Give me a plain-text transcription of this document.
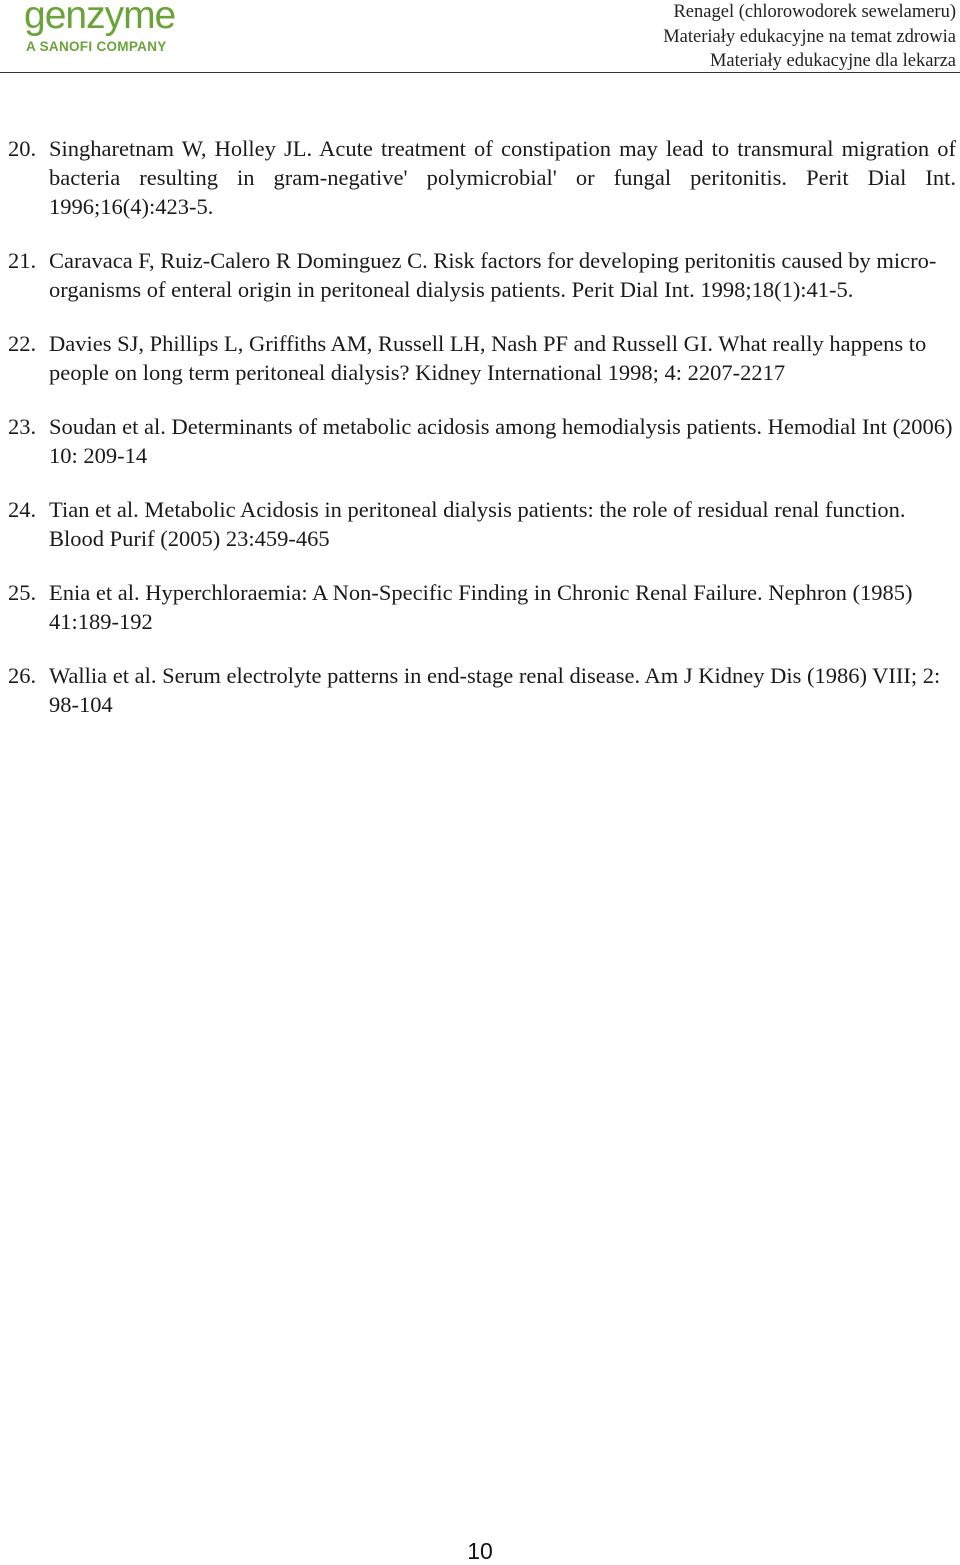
genzyme
A SANOFI COMPANY
Renagel (chlorowodorek sewelameru)
Materiały edukacyjne na temat zdrowia
Materiały edukacyjne dla lekarza
20. Singharetnam W, Holley JL. Acute treatment of constipation may lead to transmural migration of bacteria resulting in gram-negative' polymicrobial' or fungal peritonitis. Perit Dial Int. 1996;16(4):423-5.
21. Caravaca F, Ruiz-Calero R Dominguez C. Risk factors for developing peritonitis caused by micro-organisms of enteral origin in peritoneal dialysis patients. Perit Dial Int. 1998;18(1):41-5.
22. Davies SJ, Phillips L, Griffiths AM, Russell LH, Nash PF and Russell GI. What really happens to people on long term peritoneal dialysis? Kidney International 1998; 4: 2207-2217
23. Soudan et al. Determinants of metabolic acidosis among hemodialysis patients. Hemodial Int (2006) 10: 209-14
24. Tian et al. Metabolic Acidosis in peritoneal dialysis patients: the role of residual renal function. Blood Purif (2005) 23:459-465
25. Enia et al. Hyperchloraemia: A Non-Specific Finding in Chronic Renal Failure. Nephron (1985) 41:189-192
26. Wallia et al. Serum electrolyte patterns in end-stage renal disease. Am J Kidney Dis (1986) VIII; 2: 98-104
10
